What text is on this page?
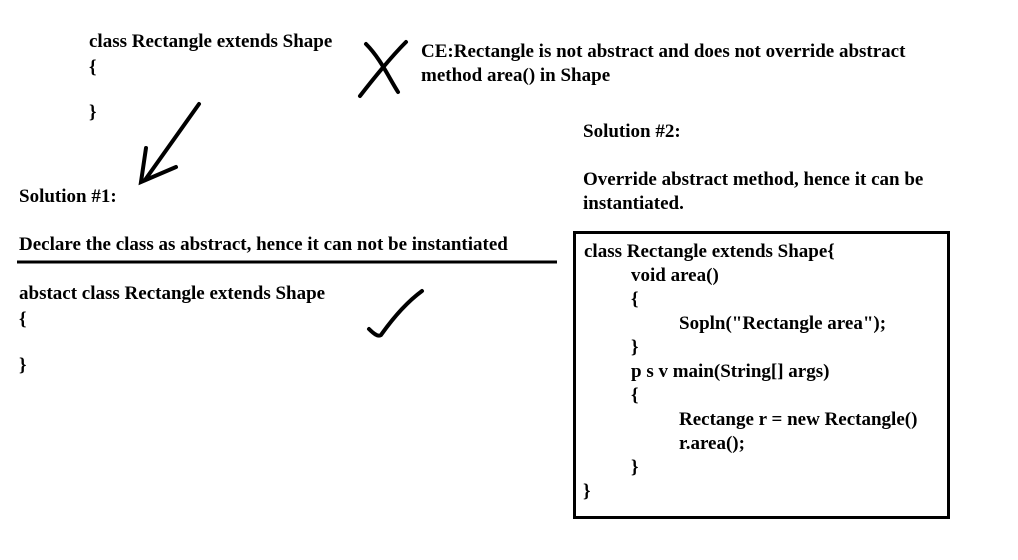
class Rectangle extends Shape
{
}
CE:Rectangle is not abstract and does not override abstract
method area() in Shape
Solution #1:
Declare the class as abstract, hence it can not be instantiated
abstact class Rectangle extends Shape
{
}
Solution #2:
Override abstract method, hence it can be
instantiated.
class Rectangle extends Shape{
void area()
{
Sopln("Rectangle area");
}
p s v main(String[] args)
{
Rectange r = new Rectangle()
r.area();
}
}
